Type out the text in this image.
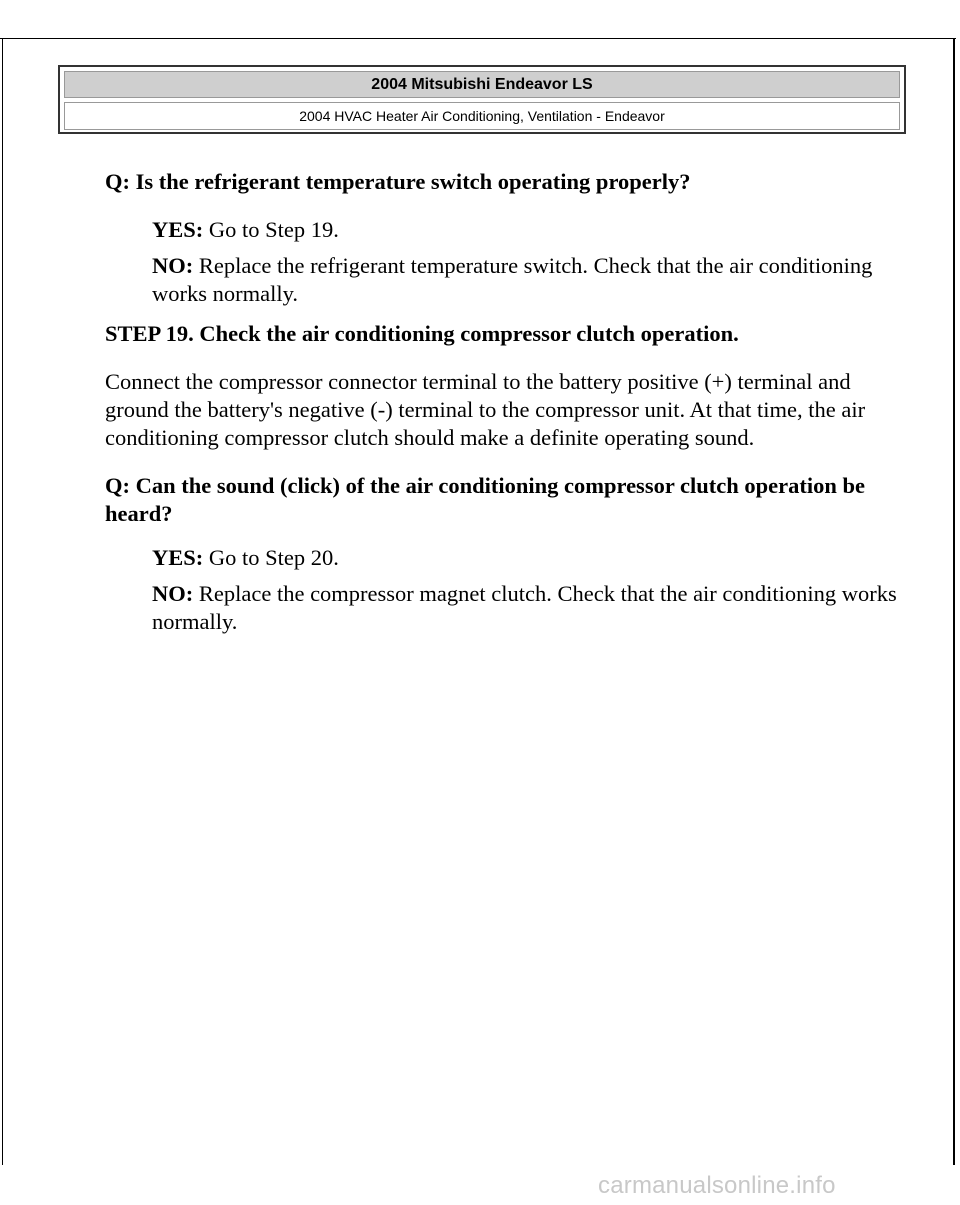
2004 Mitsubishi Endeavor LS
2004 HVAC Heater Air Conditioning, Ventilation - Endeavor

Q: Is the refrigerant temperature switch operating properly?

YES: Go to Step 19.

NO: Replace the refrigerant temperature switch. Check that the air conditioning works normally.

STEP 19. Check the air conditioning compressor clutch operation.

Connect the compressor connector terminal to the battery positive (+) terminal and ground the battery's negative (-) terminal to the compressor unit. At that time, the air conditioning compressor clutch should make a definite operating sound.

Q: Can the sound (click) of the air conditioning compressor clutch operation be heard?

YES: Go to Step 20.

NO: Replace the compressor magnet clutch. Check that the air conditioning works normally.

carmanualsonline.info
